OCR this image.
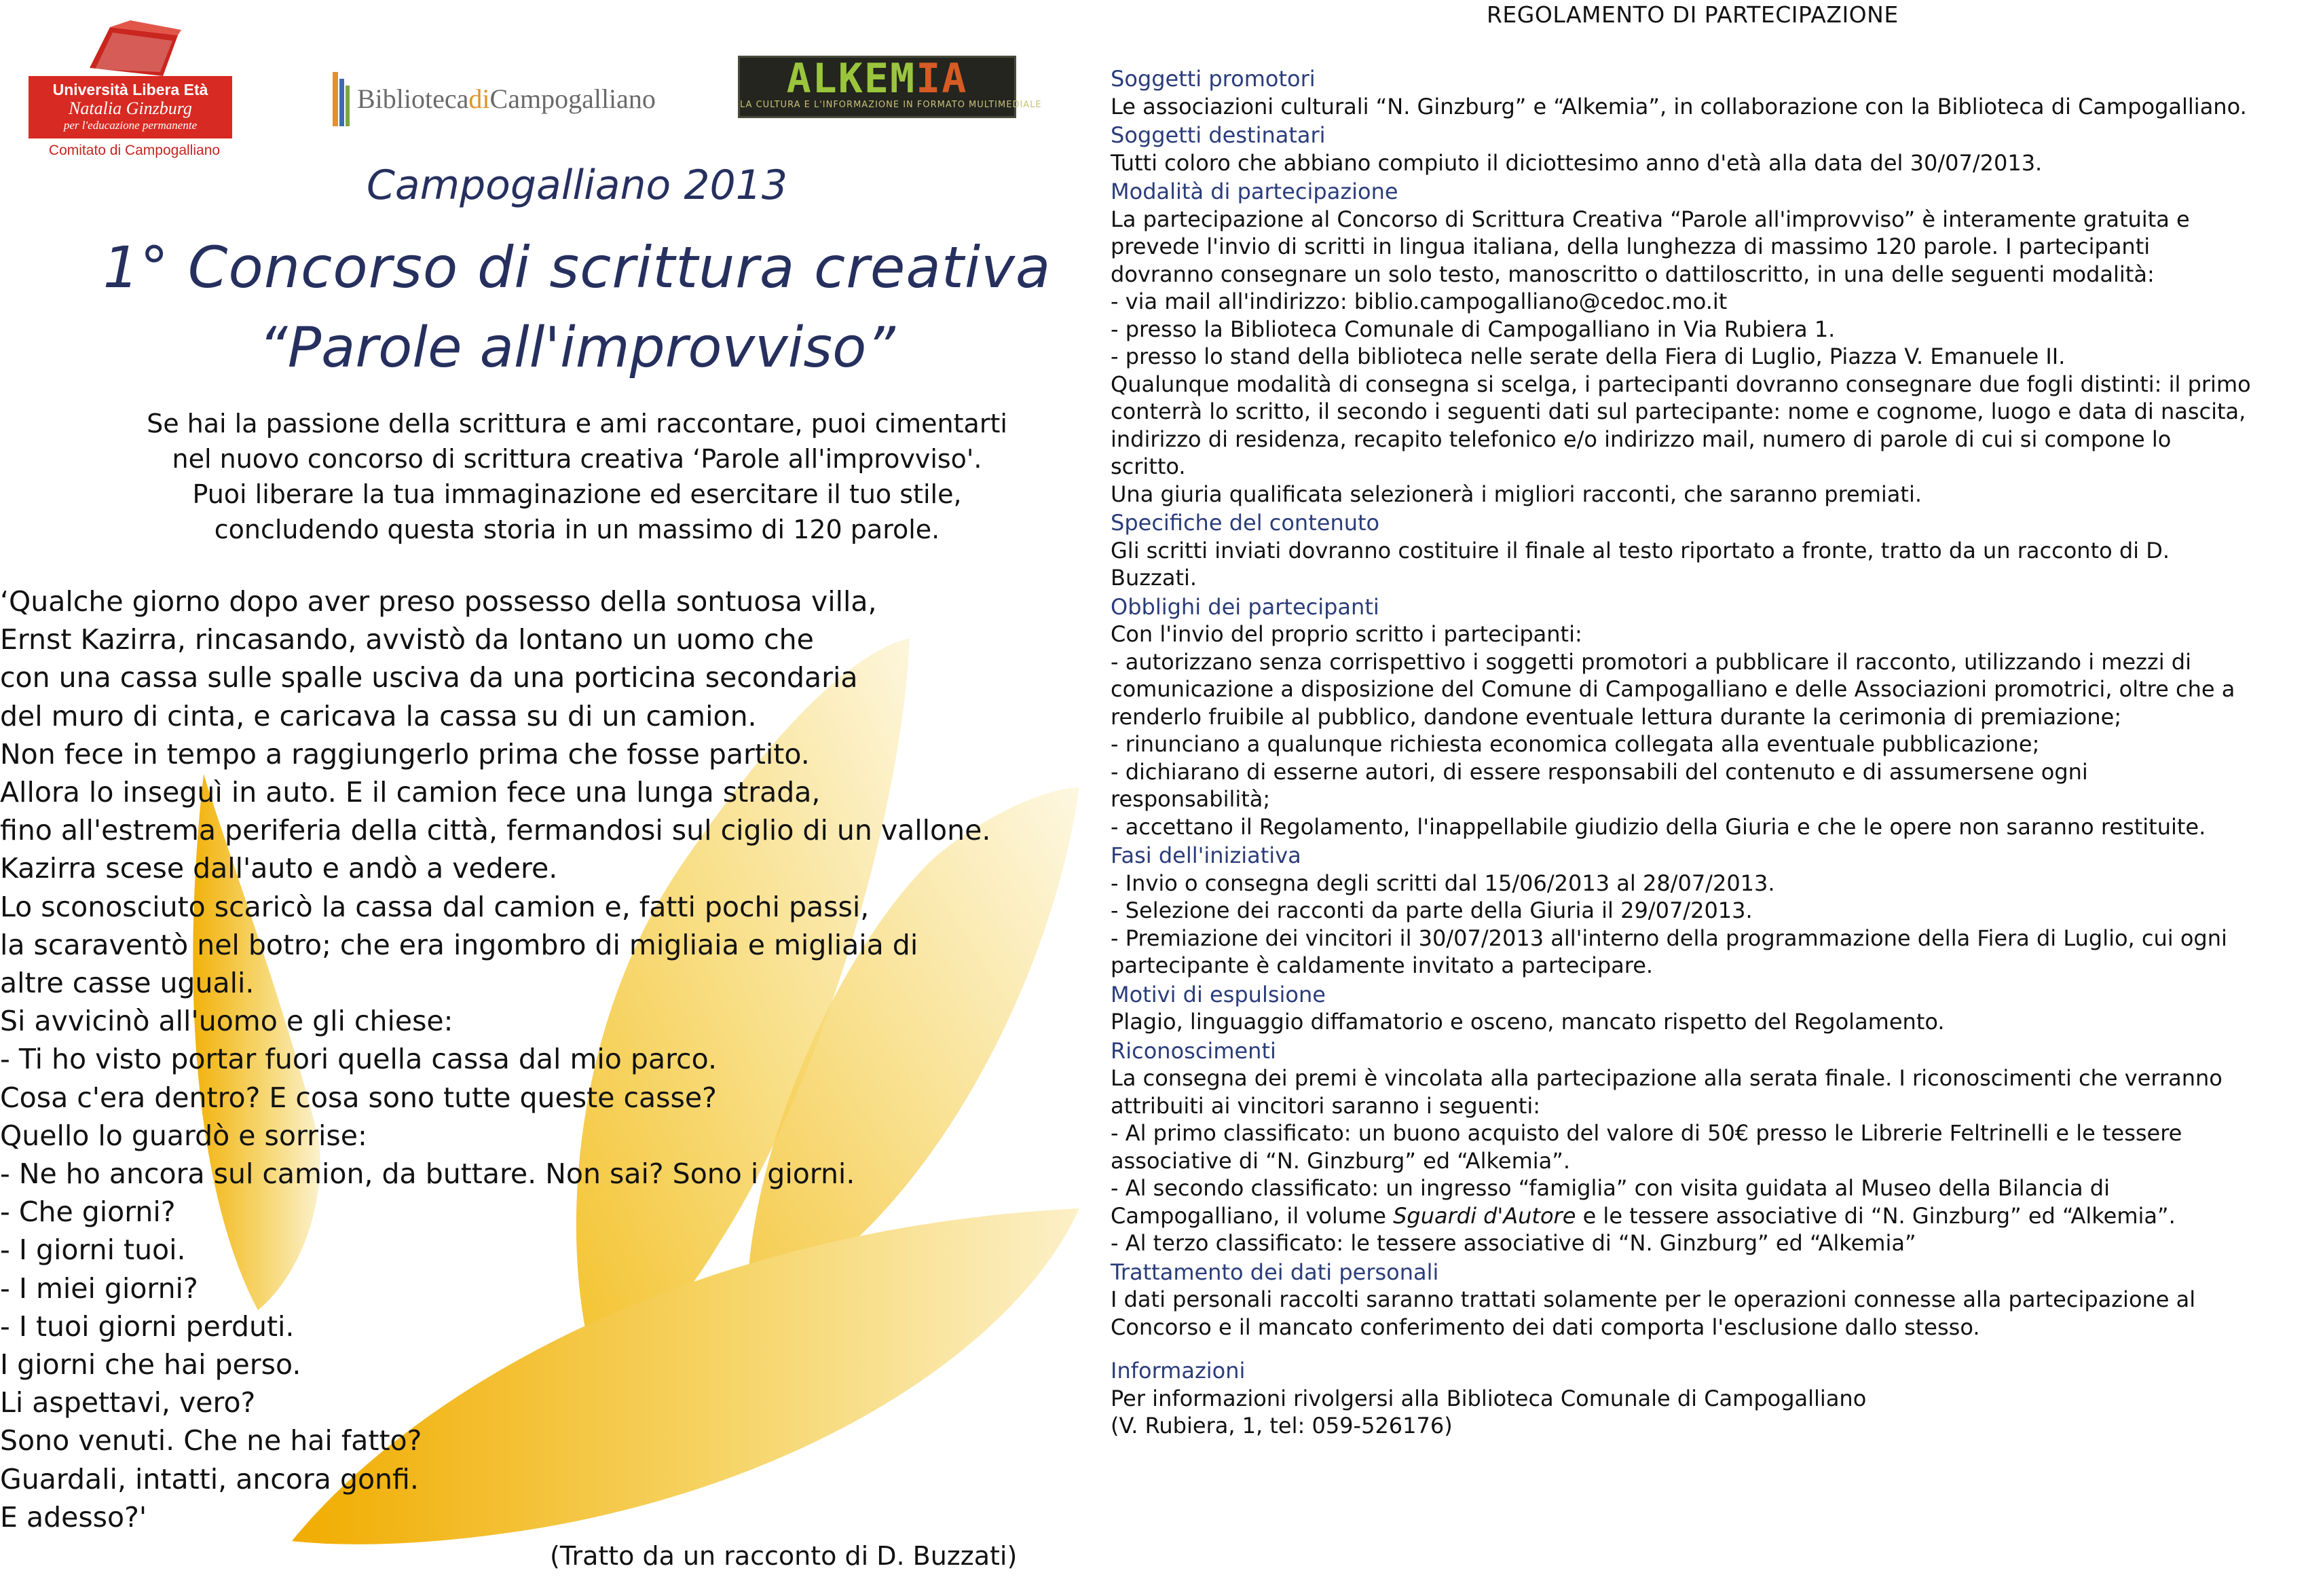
Università Libera Età
Natalia Ginzburg
per l'educazione permanente
Comitato di Campogalliano
BibliotecadiCampogalliano	ALKEMIA
LA CULTURA E L'INFORMAZIONE IN FORMATO MULTIMEDIALE
Campogalliano 2013
1° Concorso di scrittura creativa
“Parole all'improvviso”
Se hai la passione della scrittura e ami raccontare, puoi cimentarti
nel nuovo concorso di scrittura creativa ‘Parole all'improvviso'.
Puoi liberare la tua immaginazione ed esercitare il tuo stile,
concludendo questa storia in un massimo di 120 parole.
‘Qualche giorno dopo aver preso possesso della sontuosa villa,
Ernst Kazirra, rincasando, avvistò da lontano un uomo che
con una cassa sulle spalle usciva da una porticina secondaria
del muro di cinta, e caricava la cassa su di un camion.
Non fece in tempo a raggiungerlo prima che fosse partito.
Allora lo inseguì in auto. E il camion fece una lunga strada,
fino all'estrema periferia della città, fermandosi sul ciglio di un vallone.
Kazirra scese dall'auto e andò a vedere.
Lo sconosciuto scaricò la cassa dal camion e, fatti pochi passi,
la scaraventò nel botro; che era ingombro di migliaia e migliaia di
altre casse uguali.
Si avvicinò all'uomo e gli chiese:
- Ti ho visto portar fuori quella cassa dal mio parco.
Cosa c'era dentro? E cosa sono tutte queste casse?
Quello lo guardò e sorrise:
- Ne ho ancora sul camion, da buttare. Non sai? Sono i giorni.
- Che giorni?
- I giorni tuoi.
- I miei giorni?
- I tuoi giorni perduti.
I giorni che hai perso.
Li aspettavi, vero?
Sono venuti. Che ne hai fatto?
Guardali, intatti, ancora gonfi.
E adesso?'
(Tratto da un racconto di D. Buzzati)
REGOLAMENTO DI PARTECIPAZIONE
Soggetti promotori
Le associazioni culturali “N. Ginzburg” e “Alkemia”, in collaborazione con la Biblioteca di Campogalliano.
Soggetti destinatari
Tutti coloro che abbiano compiuto il diciottesimo anno d'età alla data del 30/07/2013.
Modalità di partecipazione
La partecipazione al Concorso di Scrittura Creativa “Parole all'improvviso” è interamente gratuita e
prevede l'invio di scritti in lingua italiana, della lunghezza di massimo 120 parole. I partecipanti
dovranno consegnare un solo testo, manoscritto o dattiloscritto, in una delle seguenti modalità:
- via mail all'indirizzo: biblio.campogalliano@cedoc.mo.it
- presso la Biblioteca Comunale di Campogalliano in Via Rubiera 1.
- presso lo stand della biblioteca nelle serate della Fiera di Luglio, Piazza V. Emanuele II.
Qualunque modalità di consegna si scelga, i partecipanti dovranno consegnare due fogli distinti: il primo
conterrà lo scritto, il secondo i seguenti dati sul partecipante: nome e cognome, luogo e data di nascita,
indirizzo di residenza, recapito telefonico e/o indirizzo mail, numero di parole di cui si compone lo
scritto.
Una giuria qualificata selezionerà i migliori racconti, che saranno premiati.
Specifiche del contenuto
Gli scritti inviati dovranno costituire il finale al testo riportato a fronte, tratto da un racconto di D.
Buzzati.
Obblighi dei partecipanti
Con l'invio del proprio scritto i partecipanti:
- autorizzano senza corrispettivo i soggetti promotori a pubblicare il racconto, utilizzando i mezzi di
comunicazione a disposizione del Comune di Campogalliano e delle Associazioni promotrici, oltre che a
renderlo fruibile al pubblico, dandone eventuale lettura durante la cerimonia di premiazione;
- rinunciano a qualunque richiesta economica collegata alla eventuale pubblicazione;
- dichiarano di esserne autori, di essere responsabili del contenuto e di assumersene ogni
responsabilità;
- accettano il Regolamento, l'inappellabile giudizio della Giuria e che le opere non saranno restituite.
Fasi dell'iniziativa
- Invio o consegna degli scritti dal 15/06/2013 al 28/07/2013.
- Selezione dei racconti da parte della Giuria il 29/07/2013.
- Premiazione dei vincitori il 30/07/2013 all'interno della programmazione della Fiera di Luglio, cui ogni
partecipante è caldamente invitato a partecipare.
Motivi di espulsione
Plagio, linguaggio diffamatorio e osceno, mancato rispetto del Regolamento.
Riconoscimenti
La consegna dei premi è vincolata alla partecipazione alla serata finale. I riconoscimenti che verranno
attribuiti ai vincitori saranno i seguenti:
- Al primo classificato: un buono acquisto del valore di 50€ presso le Librerie Feltrinelli e le tessere
associative di “N. Ginzburg” ed “Alkemia”.
- Al secondo classificato: un ingresso “famiglia” con visita guidata al Museo della Bilancia di
Campogalliano, il volume Sguardi d'Autore e le tessere associative di “N. Ginzburg” ed “Alkemia”.
- Al terzo classificato: le tessere associative di “N. Ginzburg” ed “Alkemia”
Trattamento dei dati personali
I dati personali raccolti saranno trattati solamente per le operazioni connesse alla partecipazione al
Concorso e il mancato conferimento dei dati comporta l'esclusione dallo stesso.
Informazioni
Per informazioni rivolgersi alla Biblioteca Comunale di Campogalliano
(V. Rubiera, 1, tel: 059-526176)
